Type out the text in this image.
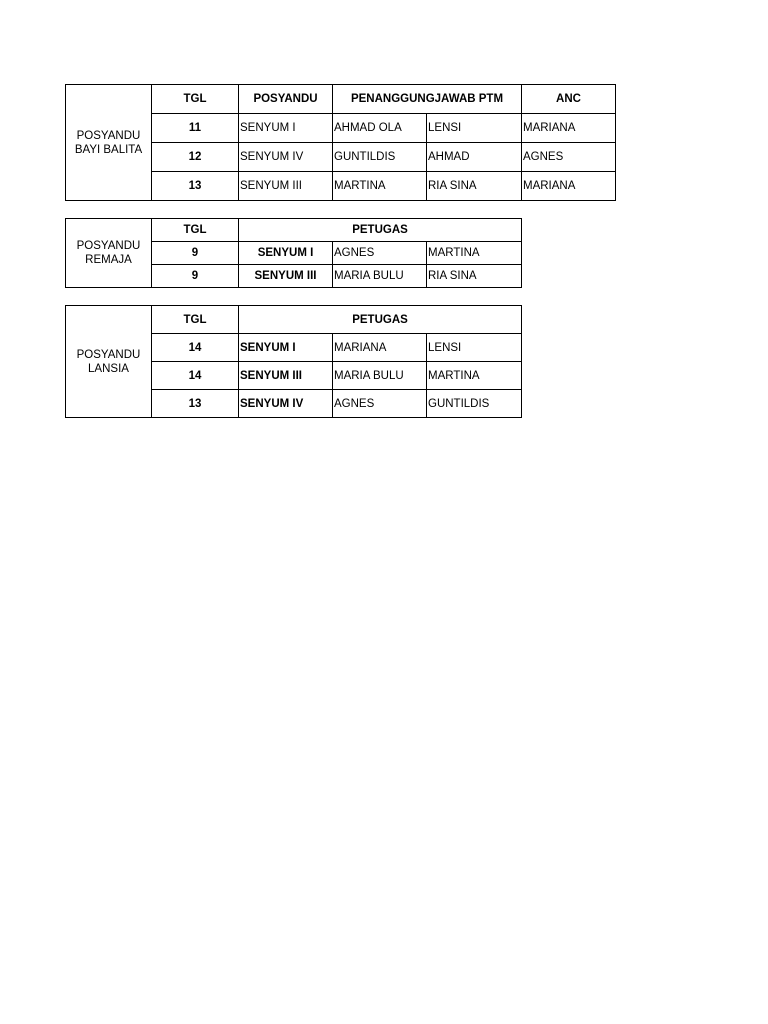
POSYANDU BAYI BALITA	TGL	POSYANDU	PENANGGUNGJAWAB PTM		ANC
	11	SENYUM I	AHMAD OLA	LENSI	MARIANA
	12	SENYUM IV	GUNTILDIS	AHMAD	AGNES
	13	SENYUM III	MARTINA	RIA SINA	MARIANA
POSYANDU REMAJA	TGL	PETUGAS		
	9	SENYUM I	AGNES	MARTINA
	9	SENYUM III	MARIA BULU	RIA SINA
POSYANDU LANSIA	TGL	PETUGAS		
	14	SENYUM I	MARIANA	LENSI
	14	SENYUM III	MARIA BULU	MARTINA
	13	SENYUM IV	AGNES	GUNTILDIS
